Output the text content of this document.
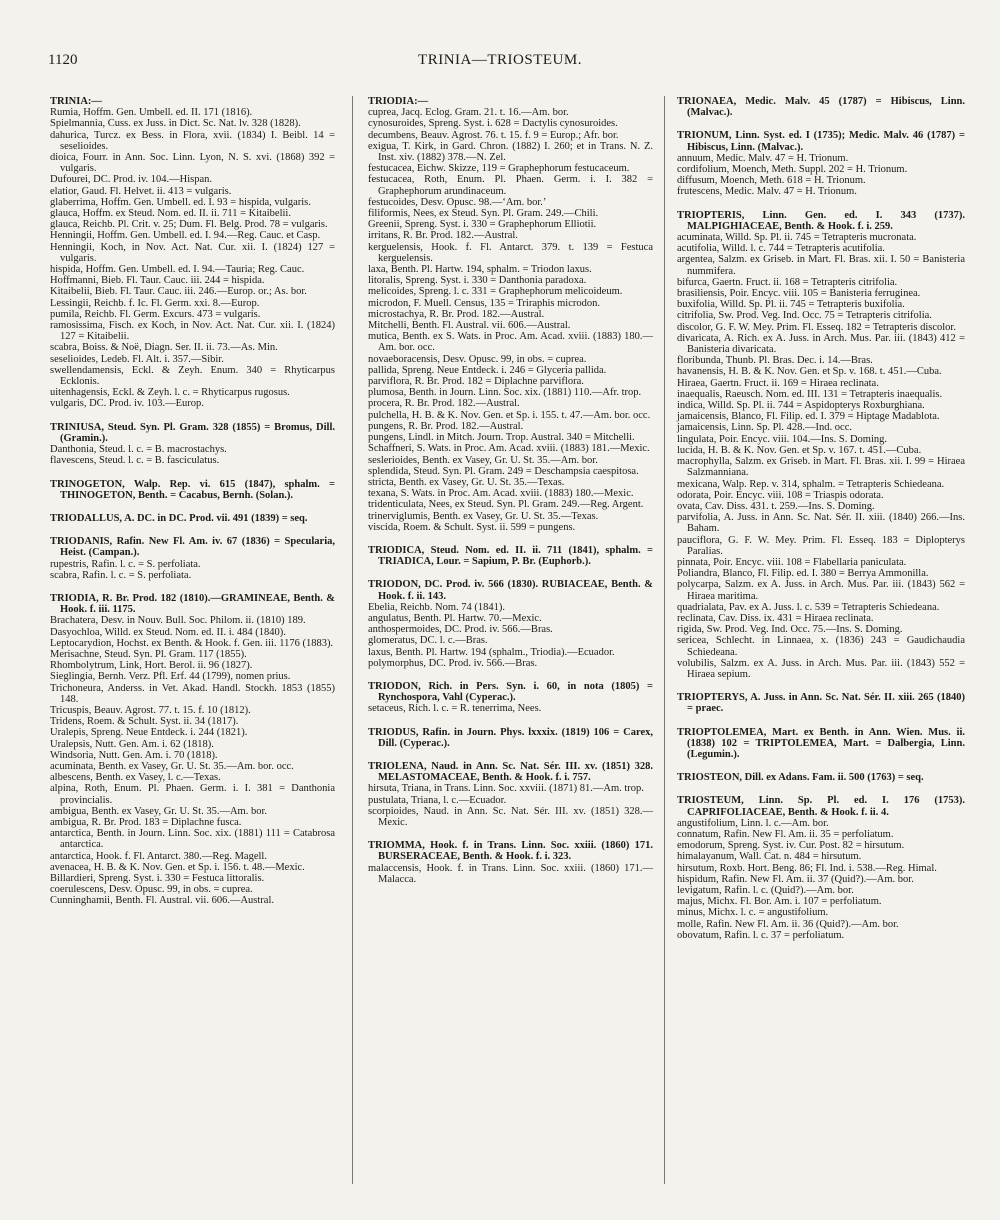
1120	TRINIA—TRIOSTEUM.
TRINIA:—
Rumia, Hoffm. Gen. Umbell. ed. II. 171 (1816).
Spielmannia, Cuss. ex Juss. in Dict. Sc. Nat. lv. 328 (1828).
dahurica, Turcz. ex Bess. in Flora, xvii. (1834) I. Beibl. 14 = seselioides.
dioica, Fourr. in Ann. Soc. Linn. Lyon, N. S. xvi. (1868) 392 = vulgaris.
Dufourei, DC. Prod. iv. 104.—Hispan.
elatior, Gaud. Fl. Helvet. ii. 413 = vulgaris.
glaberrima, Hoffm. Gen. Umbell. ed. I. 93 = hispida, vulgaris.
glauca, Hoffm. ex Steud. Nom. ed. II. ii. 711 = Kitaibelii.
glauca, Reichb. Pl. Crit. v. 25; Dum. Fl. Belg. Prod. 78 = vulgaris.
Henningii, Hoffm. Gen. Umbell. ed. I. 94.—Reg. Cauc. et Casp.
Henningii, Koch, in Nov. Act. Nat. Cur. xii. I. (1824) 127 = vulgaris.
hispida, Hoffm. Gen. Umbell. ed. I. 94.—Tauria; Reg. Cauc.
Hoffmanni, Bieb. Fl. Taur. Cauc. iii. 244 = hispida.
Kitaibelii, Bieb. Fl. Taur. Cauc. iii. 246.—Europ. or.; As. bor.
Lessingii, Reichb. f. Ic. Fl. Germ. xxi. 8.—Europ.
pumila, Reichb. Fl. Germ. Excurs. 473 = vulgaris.
ramosissima, Fisch. ex Koch, in Nov. Act. Nat. Cur. xii. I. (1824) 127 = Kitaibelii.
scabra, Boiss. & Noë, Diagn. Ser. II. ii. 73.—As. Min.
seselioides, Ledeb. Fl. Alt. i. 357.—Sibir.
swellendamensis, Eckl. & Zeyh. Enum. 340 = Rhyticarpus Ecklonis.
uitenhagensis, Eckl. & Zeyh. l. c. = Rhyticarpus rugosus.
vulgaris, DC. Prod. iv. 103.—Europ.
TRINIUSA, Steud. Syn. Pl. Gram. 328 (1855) = Bromus, Dill. (Gramin.).
Danthonia, Steud. l. c. = B. macrostachys.
flavescens, Steud. l. c. = B. fasciculatus.
TRINOGETON, Walp. Rep. vi. 615 (1847), sphalm. = THINOGETON, Benth. = Cacabus, Bernh. (Solan.).
TRIODALLUS, A. DC. in DC. Prod. vii. 491 (1839) = seq.
TRIODANIS, Rafin. New Fl. Am. iv. 67 (1836) = Specularia, Heist. (Campan.).
rupestris, Rafin. l. c. = S. perfoliata.
scabra, Rafin. l. c. = S. perfoliata.
TRIODIA, R. Br. Prod. 182 (1810).—GRAMINEAE, Benth. & Hook. f. iii. 1175.
Brachatera, Desv. in Nouv. Bull. Soc. Philom. ii. (1810) 189.
Dasyochloa, Willd. ex Steud. Nom. ed. II. i. 484 (1840).
Leptocarydion, Hochst. ex Benth. & Hook. f. Gen. iii. 1176 (1883).
Merisachne, Steud. Syn. Pl. Gram. 117 (1855).
Rhombolytrum, Link, Hort. Berol. ii. 96 (1827).
Sieglingia, Bernh. Verz. Pfl. Erf. 44 (1799), nomen prius.
Trichoneura, Anderss. in Vet. Akad. Handl. Stockh. 1853 (1855) 148.
Tricuspis, Beauv. Agrost. 77. t. 15. f. 10 (1812).
Tridens, Roem. & Schult. Syst. ii. 34 (1817).
Uralepis, Spreng. Neue Entdeck. i. 244 (1821).
Uralepsis, Nutt. Gen. Am. i. 62 (1818).
Windsoria, Nutt. Gen. Am. i. 70 (1818).
acuminata, Benth. ex Vasey, Gr. U. St. 35.—Am. bor. occ.
albescens, Benth. ex Vasey, l. c.—Texas.
alpina, Roth, Enum. Pl. Phaen. Germ. i. I. 381 = Danthonia provincialis.
ambigua, Benth. ex Vasey, Gr. U. St. 35.—Am. bor.
ambigua, R. Br. Prod. 183 = Diplachne fusca.
antarctica, Benth. in Journ. Linn. Soc. xix. (1881) 111 = Catabrosa antarctica.
antarctica, Hook. f. Fl. Antarct. 380.—Reg. Magell.
avenacea, H. B. & K. Nov. Gen. et Sp. i. 156. t. 48.—Mexic.
Billardieri, Spreng. Syst. i. 330 = Festuca littoralis.
coerulescens, Desv. Opusc. 99, in obs. = cuprea.
Cunninghamii, Benth. Fl. Austral. vii. 606.—Austral.
TRIODIA:—
cuprea, Jacq. Eclog. Gram. 21. t. 16.—Am. bor.
cynosuroides, Spreng. Syst. i. 628 = Dactylis cynosuroides.
decumbens, Beauv. Agrost. 76. t. 15. f. 9 = Europ.; Afr. bor.
exigua, T. Kirk, in Gard. Chron. (1882) I. 260; et in Trans. N. Z. Inst. xiv. (1882) 378.—N. Zel.
festucacea, Eichw. Skizze, 119 = Graphephorum festucaceum.
festucacea, Roth, Enum. Pl. Phaen. Germ. i. I. 382 = Graphephorum arundinaceum.
festucoides, Desv. Opusc. 98.—‘Am. bor.’
filiformis, Nees, ex Steud. Syn. Pl. Gram. 249.—Chili.
Greenii, Spreng. Syst. i. 330 = Graphephorum Elliotii.
irritans, R. Br. Prod. 182.—Austral.
kerguelensis, Hook. f. Fl. Antarct. 379. t. 139 = Festuca kerguelensis.
laxa, Benth. Pl. Hartw. 194, sphalm. = Triodon laxus.
litoralis, Spreng. Syst. i. 330 = Danthonia paradoxa.
melicoides, Spreng. l. c. 331 = Graphephorum melicoideum.
microdon, F. Muell. Census, 135 = Triraphis microdon.
microstachya, R. Br. Prod. 182.—Austral.
Mitchelli, Benth. Fl. Austral. vii. 606.—Austral.
mutica, Benth. ex S. Wats. in Proc. Am. Acad. xviii. (1883) 180.—Am. bor. occ.
novaeboracensis, Desv. Opusc. 99, in obs. = cuprea.
pallida, Spreng. Neue Entdeck. i. 246 = Glyceria pallida.
parviflora, R. Br. Prod. 182 = Diplachne parviflora.
plumosa, Benth. in Journ. Linn. Soc. xix. (1881) 110.—Afr. trop.
procera, R. Br. Prod. 182.—Austral.
pulchella, H. B. & K. Nov. Gen. et Sp. i. 155. t. 47.—Am. bor. occ.
pungens, R. Br. Prod. 182.—Austral.
pungens, Lindl. in Mitch. Journ. Trop. Austral. 340 = Mitchelli.
Schaffneri, S. Wats. in Proc. Am. Acad. xviii. (1883) 181.—Mexic.
seslerioides, Benth. ex Vasey, Gr. U. St. 35.—Am. bor.
splendida, Steud. Syn. Pl. Gram. 249 = Deschampsia caespitosa.
stricta, Benth. ex Vasey, Gr. U. St. 35.—Texas.
texana, S. Wats. in Proc. Am. Acad. xviii. (1883) 180.—Mexic.
tridenticulata, Nees, ex Steud. Syn. Pl. Gram. 249.—Reg. Argent.
trinerviglumis, Benth. ex Vasey, Gr. U. St. 35.—Texas.
viscida, Roem. & Schult. Syst. ii. 599 = pungens.
TRIODICA, Steud. Nom. ed. II. ii. 711 (1841), sphalm. = TRIADICA, Lour. = Sapium, P. Br. (Euphorb.).
TRIODON, DC. Prod. iv. 566 (1830). RUBIACEAE, Benth. & Hook. f. ii. 143.
Ebelia, Reichb. Nom. 74 (1841).
angulatus, Benth. Pl. Hartw. 70.—Mexic.
anthospermoides, DC. Prod. iv. 566.—Bras.
glomeratus, DC. l. c.—Bras.
laxus, Benth. Pl. Hartw. 194 (sphalm., Triodia).—Ecuador.
polymorphus, DC. Prod. iv. 566.—Bras.
TRIODON, Rich. in Pers. Syn. i. 60, in nota (1805) = Rynchospora, Vahl (Cyperac.).
setaceus, Rich. l. c. = R. tenerrima, Nees.
TRIODUS, Rafin. in Journ. Phys. lxxxix. (1819) 106 = Carex, Dill. (Cyperac.).
TRIOLENA, Naud. in Ann. Sc. Nat. Sér. III. xv. (1851) 328. MELASTOMACEAE, Benth. & Hook. f. i. 757.
hirsuta, Triana, in Trans. Linn. Soc. xxviii. (1871) 81.—Am. trop.
pustulata, Triana, l. c.—Ecuador.
scorpioides, Naud. in Ann. Sc. Nat. Sér. III. xv. (1851) 328.—Mexic.
TRIOMMA, Hook. f. in Trans. Linn. Soc. xxiii. (1860) 171. BURSERACEAE, Benth. & Hook. f. i. 323.
malaccensis, Hook. f. in Trans. Linn. Soc. xxiii. (1860) 171.—Malacca.
TRIONAEA, Medic. Malv. 45 (1787) = Hibiscus, Linn. (Malvac.).
TRIONUM, Linn. Syst. ed. I (1735); Medic. Malv. 46 (1787) = Hibiscus, Linn. (Malvac.).
annuum, Medic. Malv. 47 = H. Trionum.
cordifolium, Moench, Meth. Suppl. 202 = H. Trionum.
diffusum, Moench, Meth. 618 = H. Trionum.
frutescens, Medic. Malv. 47 = H. Trionum.
TRIOPTERIS, Linn. Gen. ed. I. 343 (1737). MALPIGHIACEAE, Benth. & Hook. f. i. 259.
acuminata, Willd. Sp. Pl. ii. 745 = Tetrapteris mucronata.
acutifolia, Willd. l. c. 744 = Tetrapteris acutifolia.
argentea, Salzm. ex Griseb. in Mart. Fl. Bras. xii. I. 50 = Banisteria nummifera.
bifurca, Gaertn. Fruct. ii. 168 = Tetrapteris citrifolia.
brasiliensis, Poir. Encyc. viii. 105 = Banisteria ferruginea.
buxifolia, Willd. Sp. Pl. ii. 745 = Tetrapteris buxifolia.
citrifolia, Sw. Prod. Veg. Ind. Occ. 75 = Tetrapteris citrifolia.
discolor, G. F. W. Mey. Prim. Fl. Esseq. 182 = Tetrapteris discolor.
divaricata, A. Rich. ex A. Juss. in Arch. Mus. Par. iii. (1843) 412 = Banisteria divaricata.
floribunda, Thunb. Pl. Bras. Dec. i. 14.—Bras.
havanensis, H. B. & K. Nov. Gen. et Sp. v. 168. t. 451.—Cuba.
Hiraea, Gaertn. Fruct. ii. 169 = Hiraea reclinata.
inaequalis, Raeusch. Nom. ed. III. 131 = Tetrapteris inaequalis.
indica, Willd. Sp. Pl. ii. 744 = Aspidopterys Roxburghiana.
jamaicensis, Blanco, Fl. Filip. ed. I. 379 = Hiptage Madablota.
jamaicensis, Linn. Sp. Pl. 428.—Ind. occ.
lingulata, Poir. Encyc. viii. 104.—Ins. S. Doming.
lucida, H. B. & K. Nov. Gen. et Sp. v. 167. t. 451.—Cuba.
macrophylla, Salzm. ex Griseb. in Mart. Fl. Bras. xii. I. 99 = Hiraea Salzmanniana.
mexicana, Walp. Rep. v. 314, sphalm. = Tetrapteris Schiedeana.
odorata, Poir. Encyc. viii. 108 = Triaspis odorata.
ovata, Cav. Diss. 431. t. 259.—Ins. S. Doming.
parvifolia, A. Juss. in Ann. Sc. Nat. Sér. II. xiii. (1840) 266.—Ins. Baham.
pauciflora, G. F. W. Mey. Prim. Fl. Esseq. 183 = Diplopterys Paralias.
pinnata, Poir. Encyc. viii. 108 = Flabellaria paniculata.
Poliandra, Blanco, Fl. Filip. ed. I. 380 = Berrya Ammonilla.
polycarpa, Salzm. ex A. Juss. in Arch. Mus. Par. iii. (1843) 562 = Hiraea maritima.
quadrialata, Pav. ex A. Juss. l. c. 539 = Tetrapteris Schiedeana.
reclinata, Cav. Diss. ix. 431 = Hiraea reclinata.
rigida, Sw. Prod. Veg. Ind. Occ. 75.—Ins. S. Doming.
sericea, Schlecht. in Linnaea, x. (1836) 243 = Gaudichaudia Schiedeana.
volubilis, Salzm. ex A. Juss. in Arch. Mus. Par. iii. (1843) 552 = Hiraea sepium.
TRIOPTERYS, A. Juss. in Ann. Sc. Nat. Sér. II. xiii. 265 (1840) = praec.
TRIOPTOLEMEA, Mart. ex Benth. in Ann. Wien. Mus. ii. (1838) 102 = TRIPTOLEMEA, Mart. = Dalbergia, Linn. (Legumin.).
TRIOSTEON, Dill. ex Adans. Fam. ii. 500 (1763) = seq.
TRIOSTEUM, Linn. Sp. Pl. ed. I. 176 (1753). CAPRIFOLIACEAE, Benth. & Hook. f. ii. 4.
angustifolium, Linn. l. c.—Am. bor.
connatum, Rafin. New Fl. Am. ii. 35 = perfoliatum.
emodorum, Spreng. Syst. iv. Cur. Post. 82 = hirsutum.
himalayanum, Wall. Cat. n. 484 = hirsutum.
hirsutum, Roxb. Hort. Beng. 86; Fl. Ind. i. 538.—Reg. Himal.
hispidum, Rafin. New Fl. Am. ii. 37 (Quid?).—Am. bor.
levigatum, Rafin. l. c. (Quid?).—Am. bor.
majus, Michx. Fl. Bor. Am. i. 107 = perfoliatum.
minus, Michx. l. c. = angustifolium.
molle, Rafin. New Fl. Am. ii. 36 (Quid?).—Am. bor.
obovatum, Rafin. l. c. 37 = perfoliatum.
